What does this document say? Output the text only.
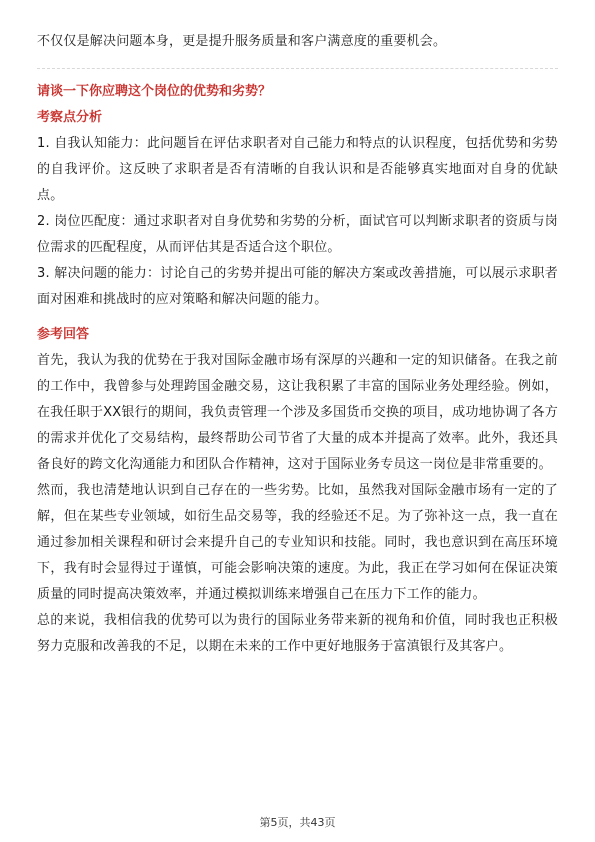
不仅仅是解决问题本身，更是提升服务质量和客户满意度的重要机会。

请谈一下你应聘这个岗位的优势和劣势？

考察点分析

1. 自我认知能力：此问题旨在评估求职者对自己能力和特点的认识程度，包括优势和劣势的自我评价。这反映了求职者是否有清晰的自我认识和是否能够真实地面对自身的优缺点。

2. 岗位匹配度：通过求职者对自身优势和劣势的分析，面试官可以判断求职者的资质与岗位需求的匹配程度，从而评估其是否适合这个职位。

3. 解决问题的能力：讨论自己的劣势并提出可能的解决方案或改善措施，可以展示求职者面对困难和挑战时的应对策略和解决问题的能力。

参考回答

首先，我认为我的优势在于我对国际金融市场有深厚的兴趣和一定的知识储备。在我之前的工作中，我曾参与处理跨国金融交易，这让我积累了丰富的国际业务处理经验。例如，在我任职于XX银行的期间，我负责管理一个涉及多国货币交换的项目，成功地协调了各方的需求并优化了交易结构，最终帮助公司节省了大量的成本并提高了效率。此外，我还具备良好的跨文化沟通能力和团队合作精神，这对于国际业务专员这一岗位是非常重要的。

然而，我也清楚地认识到自己存在的一些劣势。比如，虽然我对国际金融市场有一定的了解，但在某些专业领域，如衍生品交易等，我的经验还不足。为了弥补这一点，我一直在通过参加相关课程和研讨会来提升自己的专业知识和技能。同时，我也意识到在高压环境下，我有时会显得过于谨慎，可能会影响决策的速度。为此，我正在学习如何在保证决策质量的同时提高决策效率，并通过模拟训练来增强自己在压力下工作的能力。

总的来说，我相信我的优势可以为贵行的国际业务带来新的视角和价值，同时我也正积极努力克服和改善我的不足，以期在未来的工作中更好地服务于富滇银行及其客户。

第5页，共43页
